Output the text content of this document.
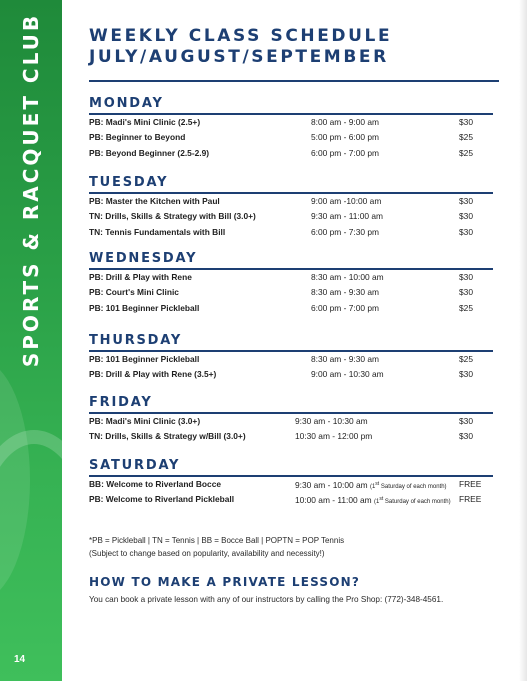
SPORTS & RACQUET CLUB
14
WEEKLY CLASS SCHEDULE
JULY/AUGUST/SEPTEMBER
MONDAY
PB: Madi's Mini Clinic (2.5+)	8:00 am - 9:00 am	$30
PB: Beginner to Beyond	5:00 pm - 6:00 pm	$25
PB: Beyond Beginner (2.5-2.9)	6:00 pm - 7:00 pm	$25
TUESDAY
PB: Master the Kitchen with Paul	9:00 am -10:00 am	$30
TN: Drills, Skills & Strategy with Bill (3.0+)	9:30 am - 11:00 am	$30
TN: Tennis Fundamentals with Bill	6:00 pm - 7:30 pm	$30
WEDNESDAY
PB: Drill & Play with Rene	8:30 am - 10:00 am	$30
PB: Court's Mini Clinic	8:30 am - 9:30 am	$30
PB: 101 Beginner Pickleball	6:00 pm - 7:00 pm	$25
THURSDAY
PB: 101 Beginner Pickleball	8:30 am - 9:30 am	$25
PB: Drill & Play with Rene (3.5+)	9:00 am - 10:30 am	$30
FRIDAY
PB: Madi's Mini Clinic (3.0+)	9:30 am - 10:30 am	$30
TN: Drills, Skills & Strategy w/Bill (3.0+)	10:30 am - 12:00 pm	$30
SATURDAY
BB: Welcome to Riverland Bocce	9:30 am - 10:00 am (1st Saturday of each month) FREE
PB: Welcome to Riverland Pickleball	10:00 am - 11:00 am (1st Saturday of each month) FREE

*PB = Pickleball | TN = Tennis | BB = Bocce Ball | POPTN = POP Tennis

(Subject to change based on popularity, availability and necessity!)

HOW TO MAKE A PRIVATE LESSON?

You can book a private lesson with any of our instructors by calling the Pro Shop: (772)-348-4561.
